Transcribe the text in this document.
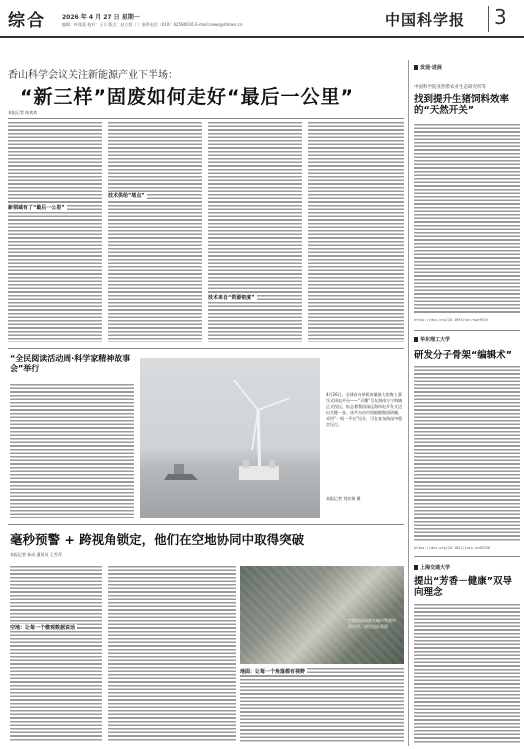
综合	2026 年 4 月 27 日 星期一
编辑：叶铭熹 校对：王方 版式：赵立程（ ）联系电话（010）62580616 E-mail:news@stimes.cn	中国科学报 3
香山科学会议关注新能源产业下半场：
“新三样”固废如何走好“最后一公里”
本报记者 陈欢欢
新领域有了“最后一公里”
技术供给“堵点”
技术来自“资源密度”
“全民阅读活动周·科学家精神故事会”举行
4月26日，全球首台单机容量最大的海上漂浮式风电平台——“天鹰”号在海南万宁海域正式投运，标志着我国深远海风电开发又迈出关键一步。该平台由中国船舶集团研制，采用“一机一平台”设计，可在复杂海况中稳定运行。
本报记者 刘宏瑞 摄
毫秒预警 + 跨视角锁定，他们在空地协同中取得突破
本报记者 孙成 通讯员 王雪萍
空地：让每一个微观数据说话
空地协同成果在城市管理中的应用。研究团队供图
地面：让每一个角落都有视野
发现·进展
中国科学院亚热带农业生态研究所等
找到提升生猪饲料效率的“天然开关”
https://doi.org/10.1093/nsr/nwaf076
华东理工大学
研发分子骨架“编辑术”
https://doi.org/10.1021/jacs.4c02936
上海交通大学
提出“芳香－健康”双导向理念
